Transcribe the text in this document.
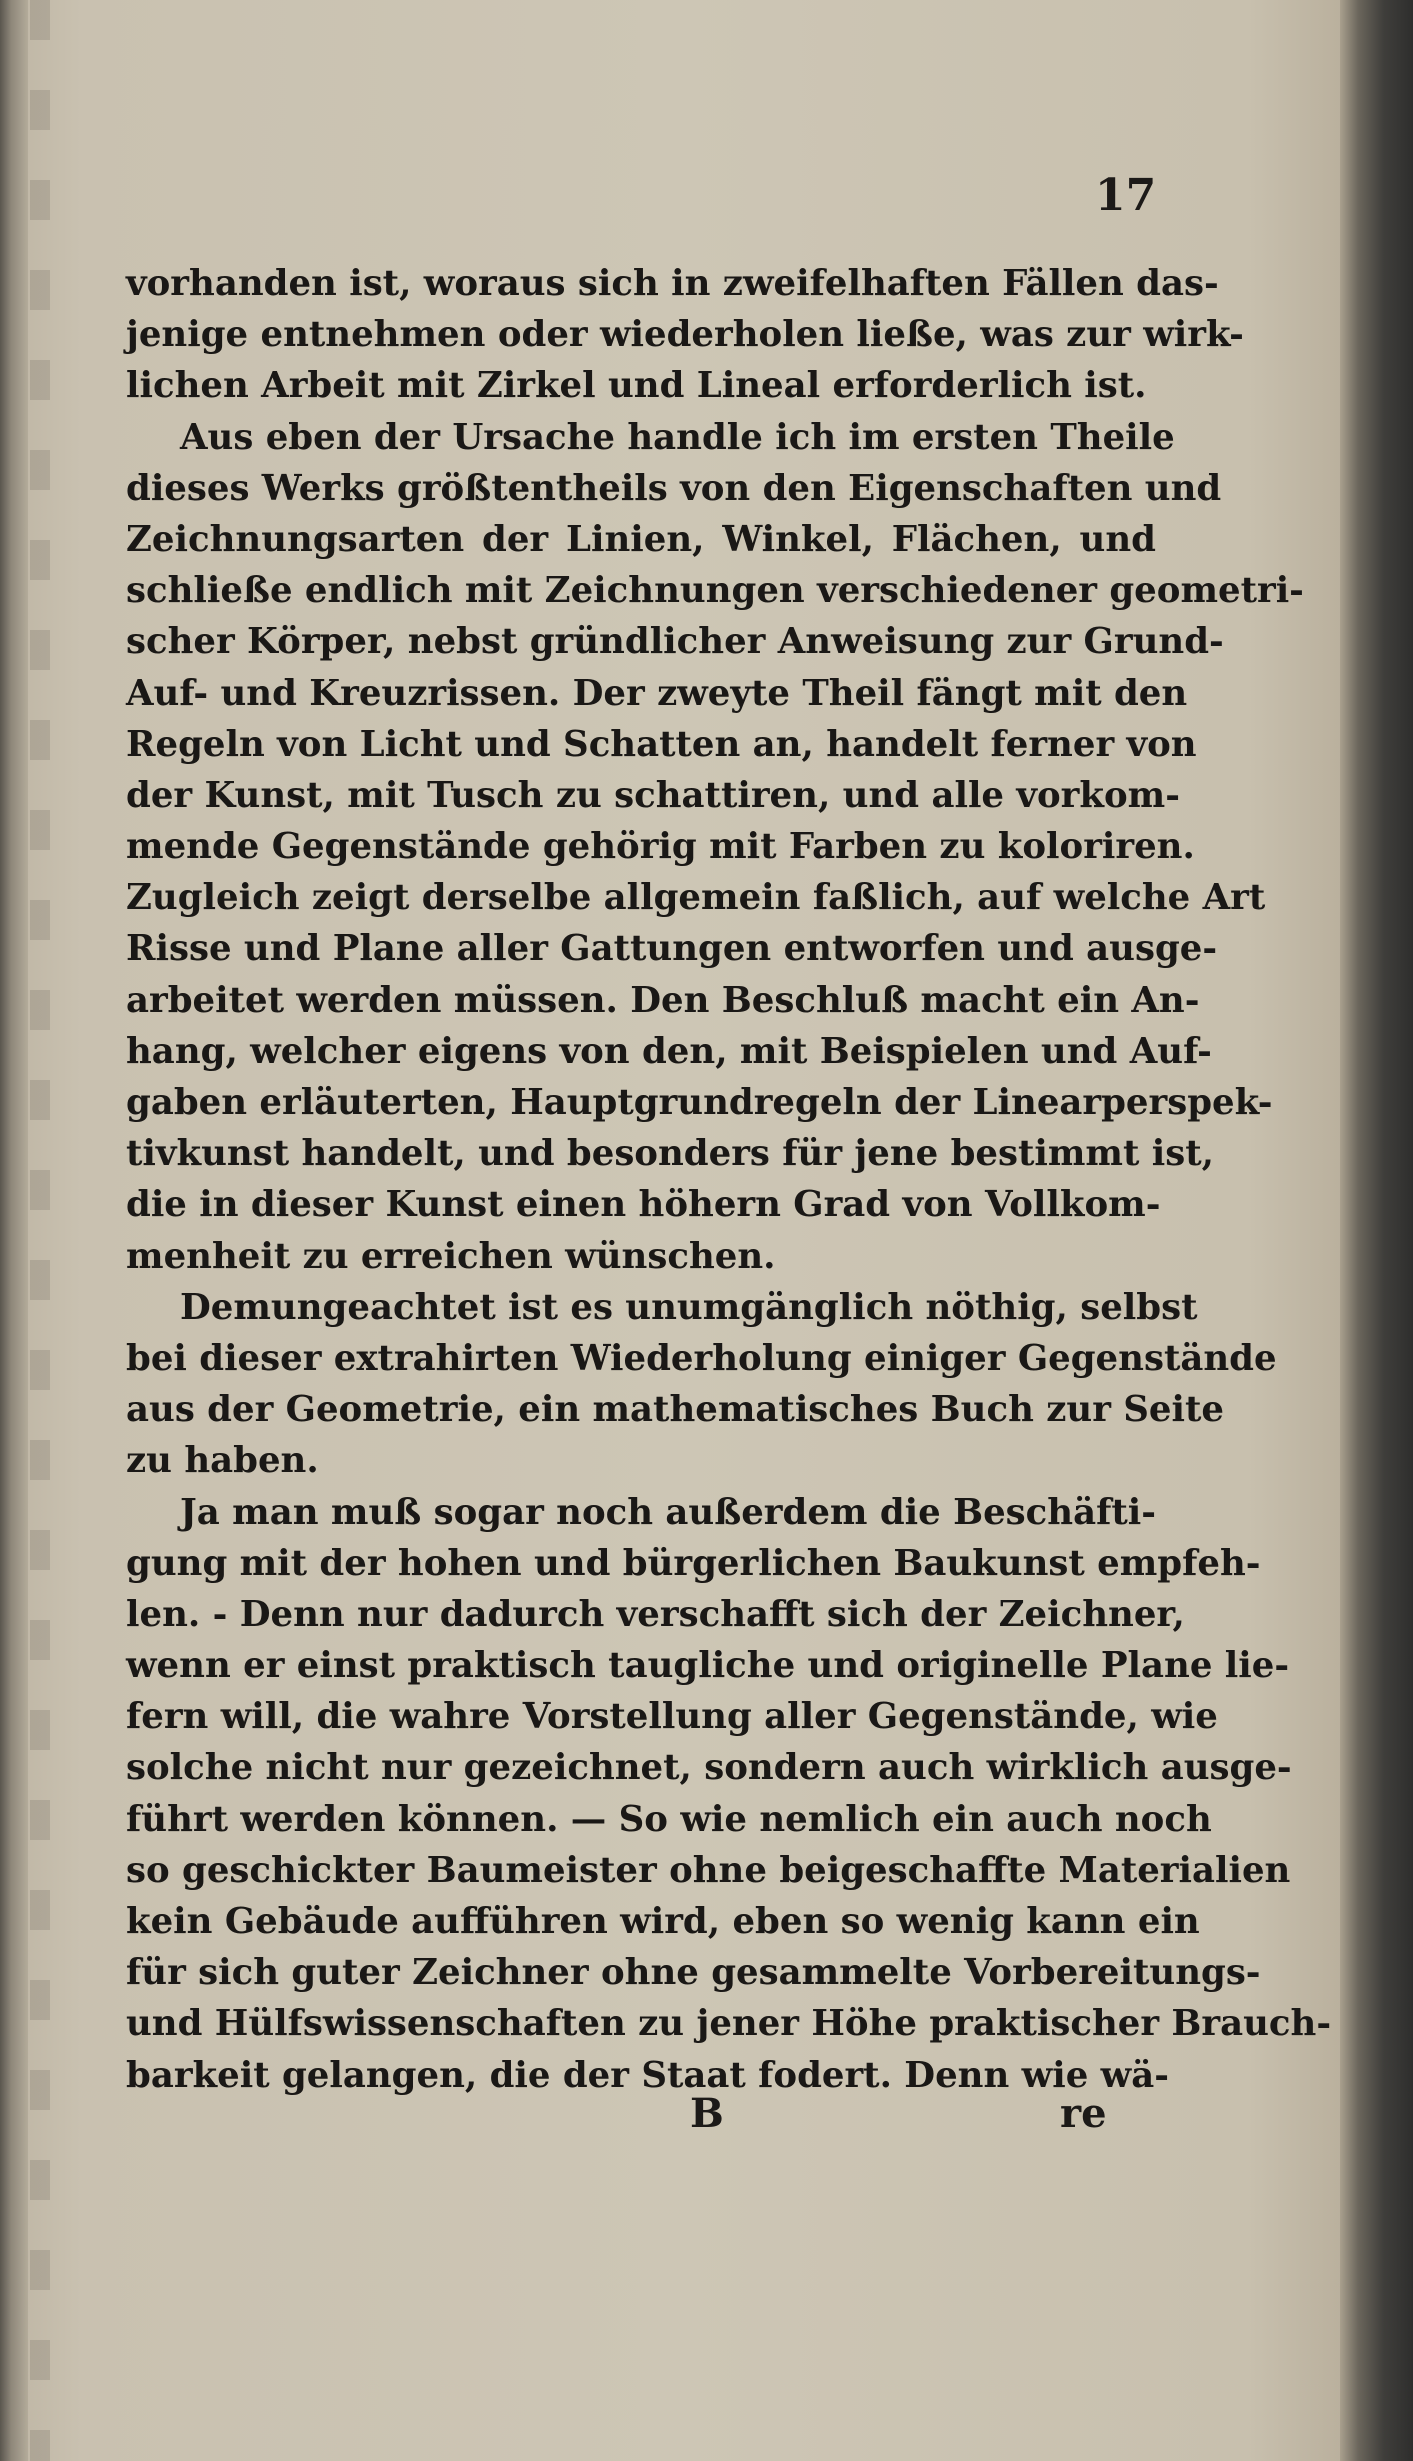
17
vorhanden ist, woraus sich in zweifelhaften Fällen das-
jenige entnehmen oder wiederholen ließe, was zur wirk-
lichen Arbeit mit Zirkel und Lineal erforderlich ist.
Aus eben der Ursache handle ich im ersten Theile
dieses Werks größtentheils von den Eigenschaften und
Zeichnungsarten der Linien, Winkel, Flächen, und
schließe endlich mit Zeichnungen verschiedener geometri-
scher Körper, nebst gründlicher Anweisung zur Grund-
Auf- und Kreuzrissen. Der zweyte Theil fängt mit den
Regeln von Licht und Schatten an, handelt ferner von
der Kunst, mit Tusch zu schattiren, und alle vorkom-
mende Gegenstände gehörig mit Farben zu koloriren.
Zugleich zeigt derselbe allgemein faßlich, auf welche Art
Risse und Plane aller Gattungen entworfen und ausge-
arbeitet werden müssen. Den Beschluß macht ein An-
hang, welcher eigens von den, mit Beispielen und Auf-
gaben erläuterten, Hauptgrundregeln der Linearperspek-
tivkunst handelt, und besonders für jene bestimmt ist,
die in dieser Kunst einen höhern Grad von Vollkom-
menheit zu erreichen wünschen.
Demungeachtet ist es unumgänglich nöthig, selbst
bei dieser extrahirten Wiederholung einiger Gegenstände
aus der Geometrie, ein mathematisches Buch zur Seite
zu haben.
Ja man muß sogar noch außerdem die Beschäfti-
gung mit der hohen und bürgerlichen Baukunst empfeh-
len. - Denn nur dadurch verschafft sich der Zeichner,
wenn er einst praktisch taugliche und originelle Plane lie-
fern will, die wahre Vorstellung aller Gegenstände, wie
solche nicht nur gezeichnet, sondern auch wirklich ausge-
führt werden können. — So wie nemlich ein auch noch
so geschickter Baumeister ohne beigeschaffte Materialien
kein Gebäude aufführen wird, eben so wenig kann ein
für sich guter Zeichner ohne gesammelte Vorbereitungs-
und Hülfswissenschaften zu jener Höhe praktischer Brauch-
barkeit gelangen, die der Staat fodert. Denn wie wä-
B	re
